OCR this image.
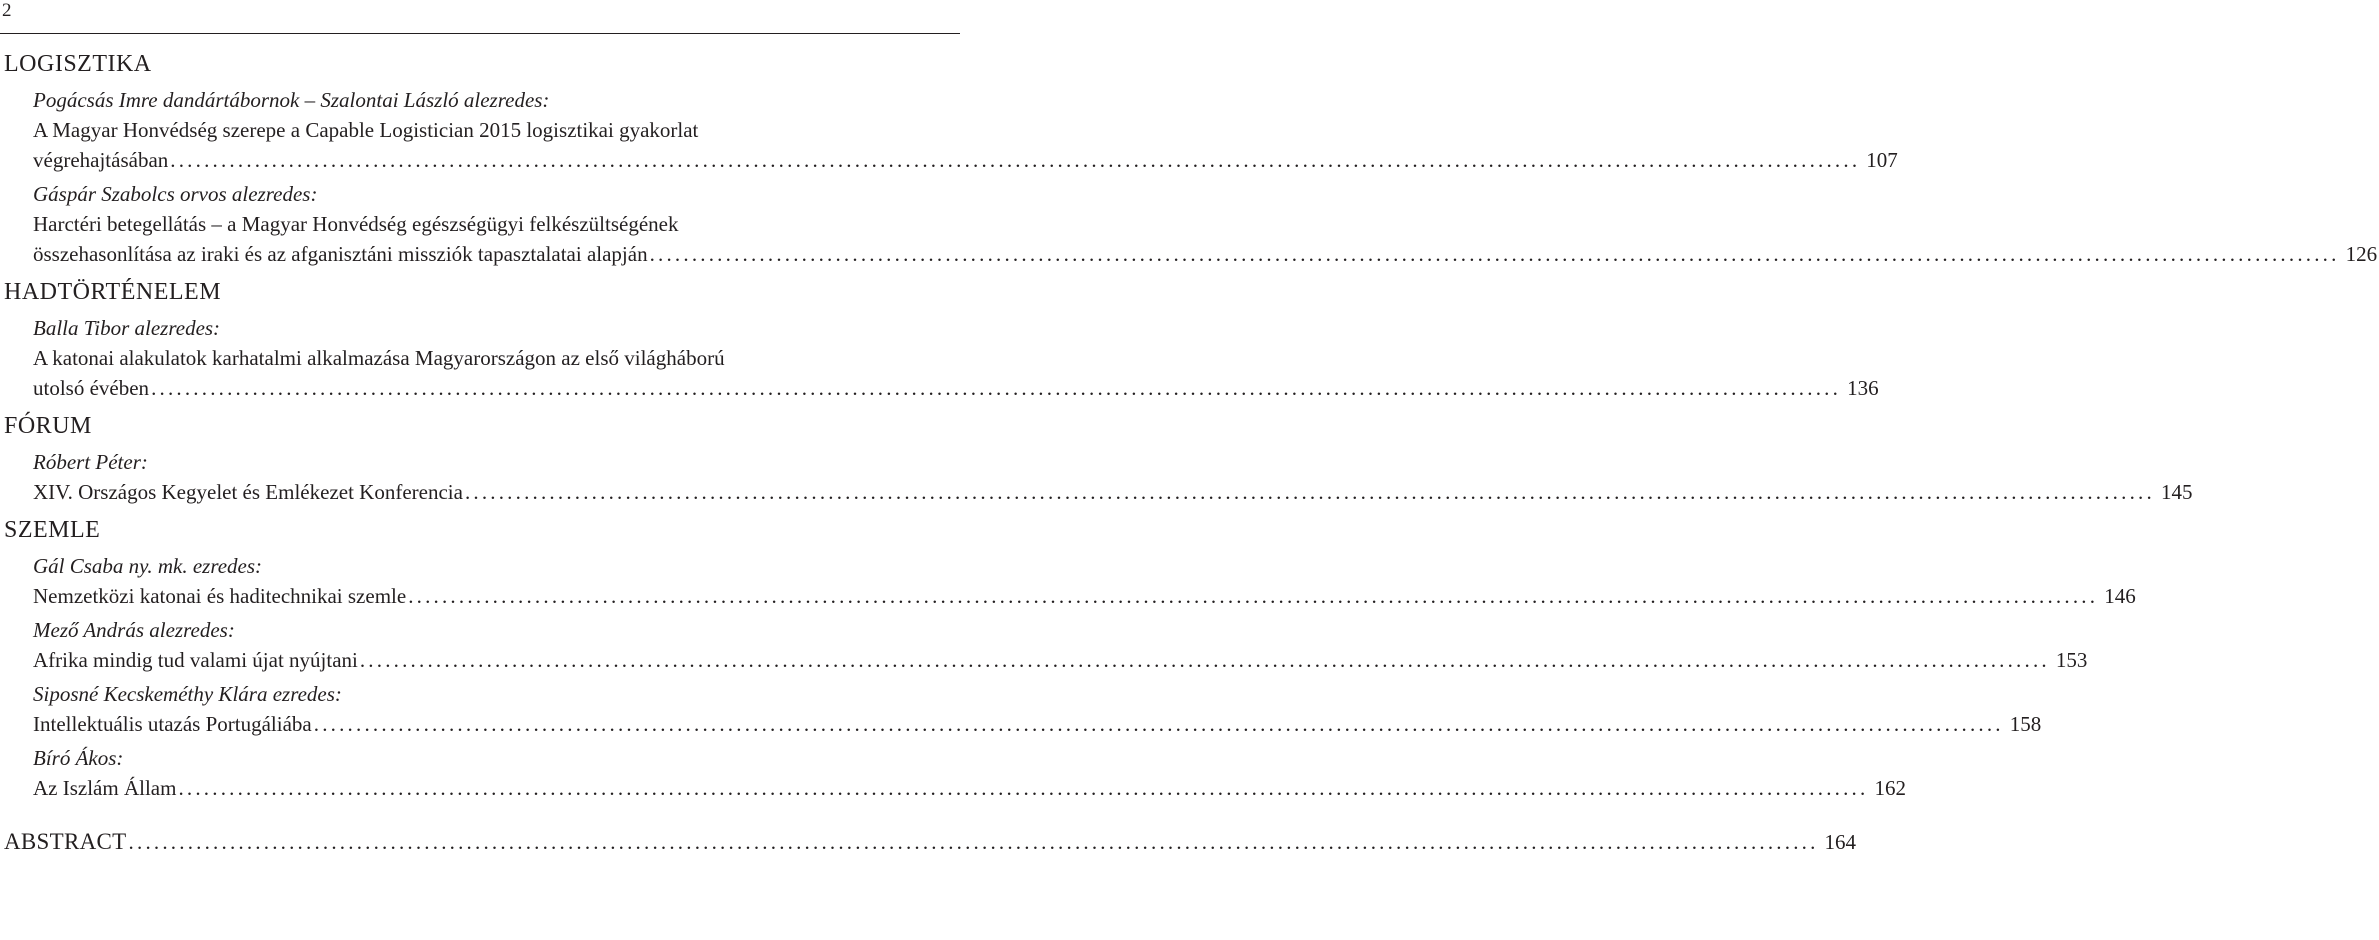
2
LOGISZTIKA
Pogácsás Imre dandártábornok – Szalontai László alezredes:
A Magyar Honvédség szerepe a Capable Logistician 2015 logisztikai gyakorlat
végrehajtásában ........................................................................................................................................................................................................ 107
Gáspár Szabolcs orvos alezredes:
Harctéri betegellátás – a Magyar Honvédség egészségügyi felkészültségének
összehasonlítása az iraki és az afganisztáni missziók tapasztalatai alapján ........................................................................................................................................................................................................ 126
HADTÖRTÉNELEM
Balla Tibor alezredes:
A katonai alakulatok karhatalmi alkalmazása Magyarországon az első világháború
utolsó évében ........................................................................................................................................................................................................ 136
FÓRUM
Róbert Péter:
XIV. Országos Kegyelet és Emlékezet Konferencia ........................................................................................................................................................................................................ 145
SZEMLE
Gál Csaba ny. mk. ezredes:
Nemzetközi katonai és haditechnikai szemle ........................................................................................................................................................................................................ 146
Mező András alezredes:
Afrika mindig tud valami újat nyújtani ........................................................................................................................................................................................................ 153
Siposné Kecskeméthy Klára ezredes:
Intellektuális utazás Portugáliába ........................................................................................................................................................................................................ 158
Bíró Ákos:
Az Iszlám Állam ........................................................................................................................................................................................................ 162
ABSTRACT ........................................................................................................................................................................................................ 164
